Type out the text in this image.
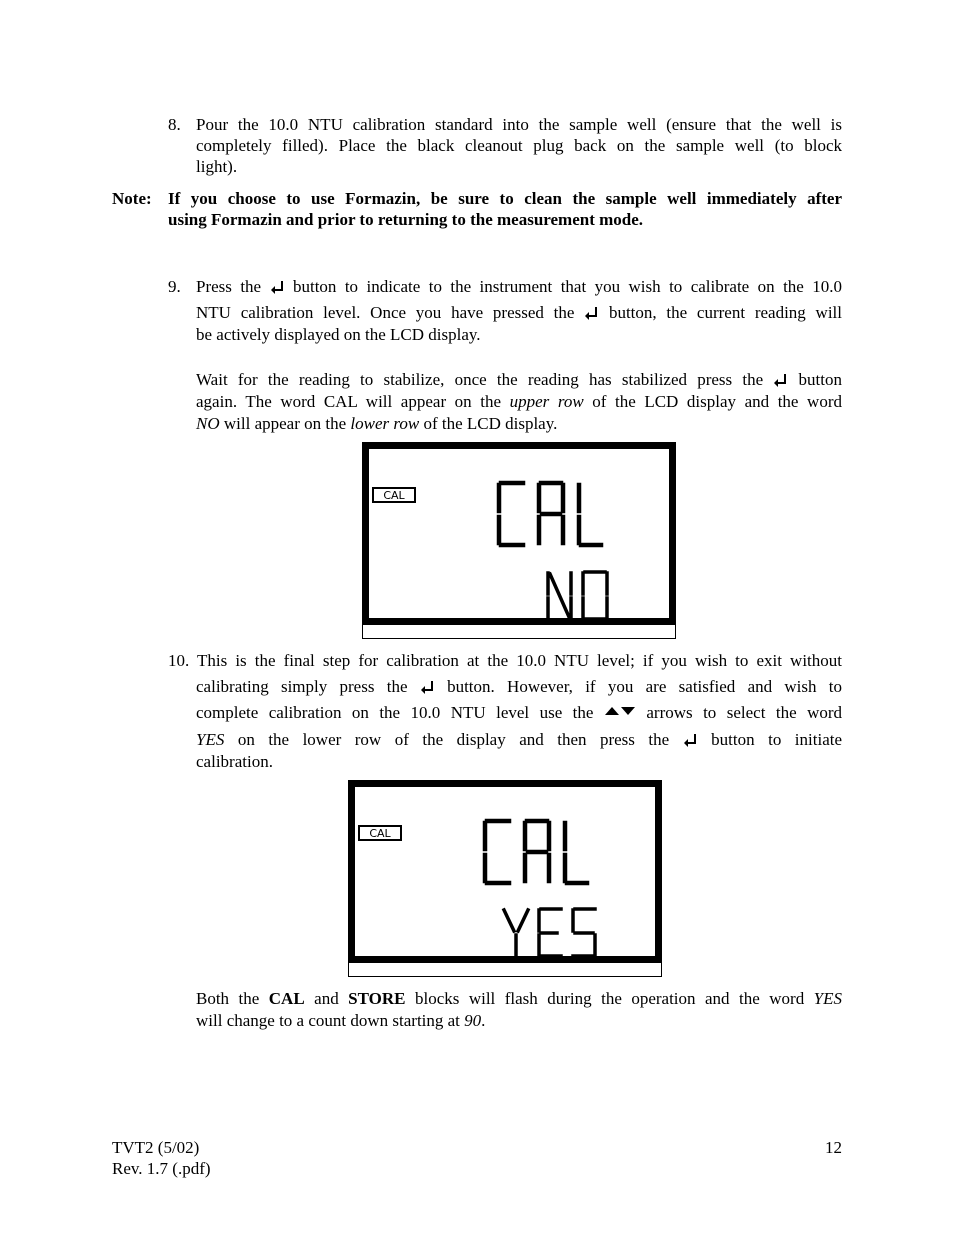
8. Pour the 10.0 NTU calibration standard into the sample well (ensure that the well is
completely filled). Place the black cleanout plug back on the sample well (to block
light).
Note: If you choose to use Formazin, be sure to clean the sample well immediately after
using Formazin and prior to returning to the measurement mode.
9. Press the button to indicate to the instrument that you wish to calibrate on the 10.0
NTU calibration level. Once you have pressed the button, the current reading will
be actively displayed on the LCD display.
Wait for the reading to stabilize, once the reading has stabilized press the button
again. The word CAL will appear on the upper row of the LCD display and the word
NO will appear on the lower row of the LCD display.
CAL
10. This is the final step for calibration at the 10.0 NTU level; if you wish to exit without
calibrating simply press the button. However, if you are satisfied and wish to
complete calibration on the 10.0 NTU level use the	arrows to select the word
YES on the lower row of the display and then press the button to initiate
calibration.
CAL
Both the CAL and STORE blocks will flash during the operation and the word YES
will change to a count down starting at 90.
TVT2 (5/02)
Rev. 1.7 (.pdf)
12
